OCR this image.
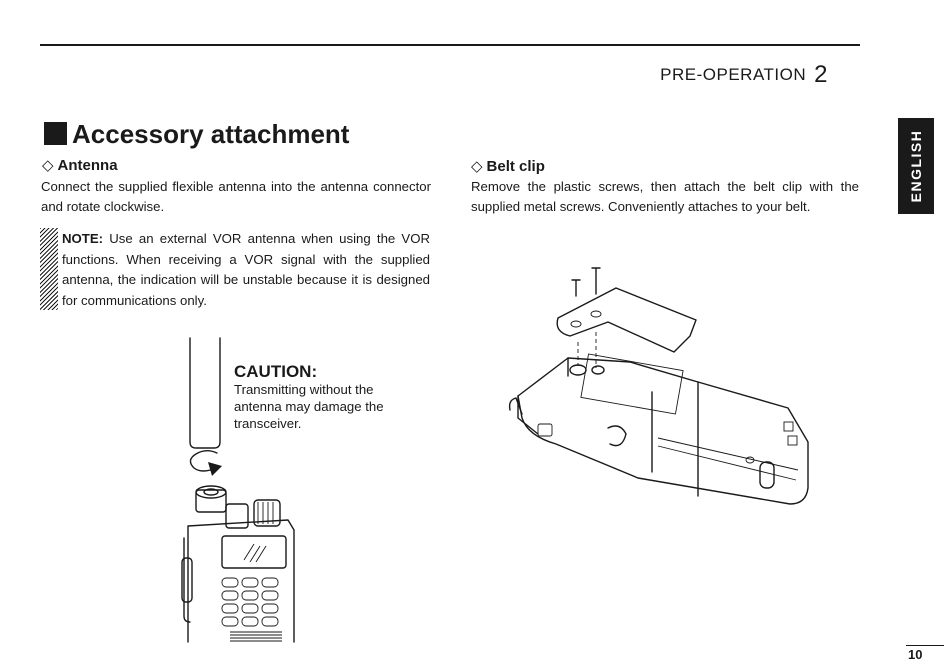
PRE-OPERATION 2
Accessory attachment
◇ Antenna
Connect the supplied flexible antenna into the antenna connector and rotate clockwise.
NOTE: Use an external VOR antenna when using the VOR functions. When receiving a VOR signal with the supplied antenna, the indication will be unstable because it is designed for communications only.
CAUTION:
Transmitting without the antenna may damage the transceiver.
◇ Belt clip
Remove the plastic screws, then attach the belt clip with the supplied metal screws. Conveniently attaches to your belt.
ENGLISH
10
